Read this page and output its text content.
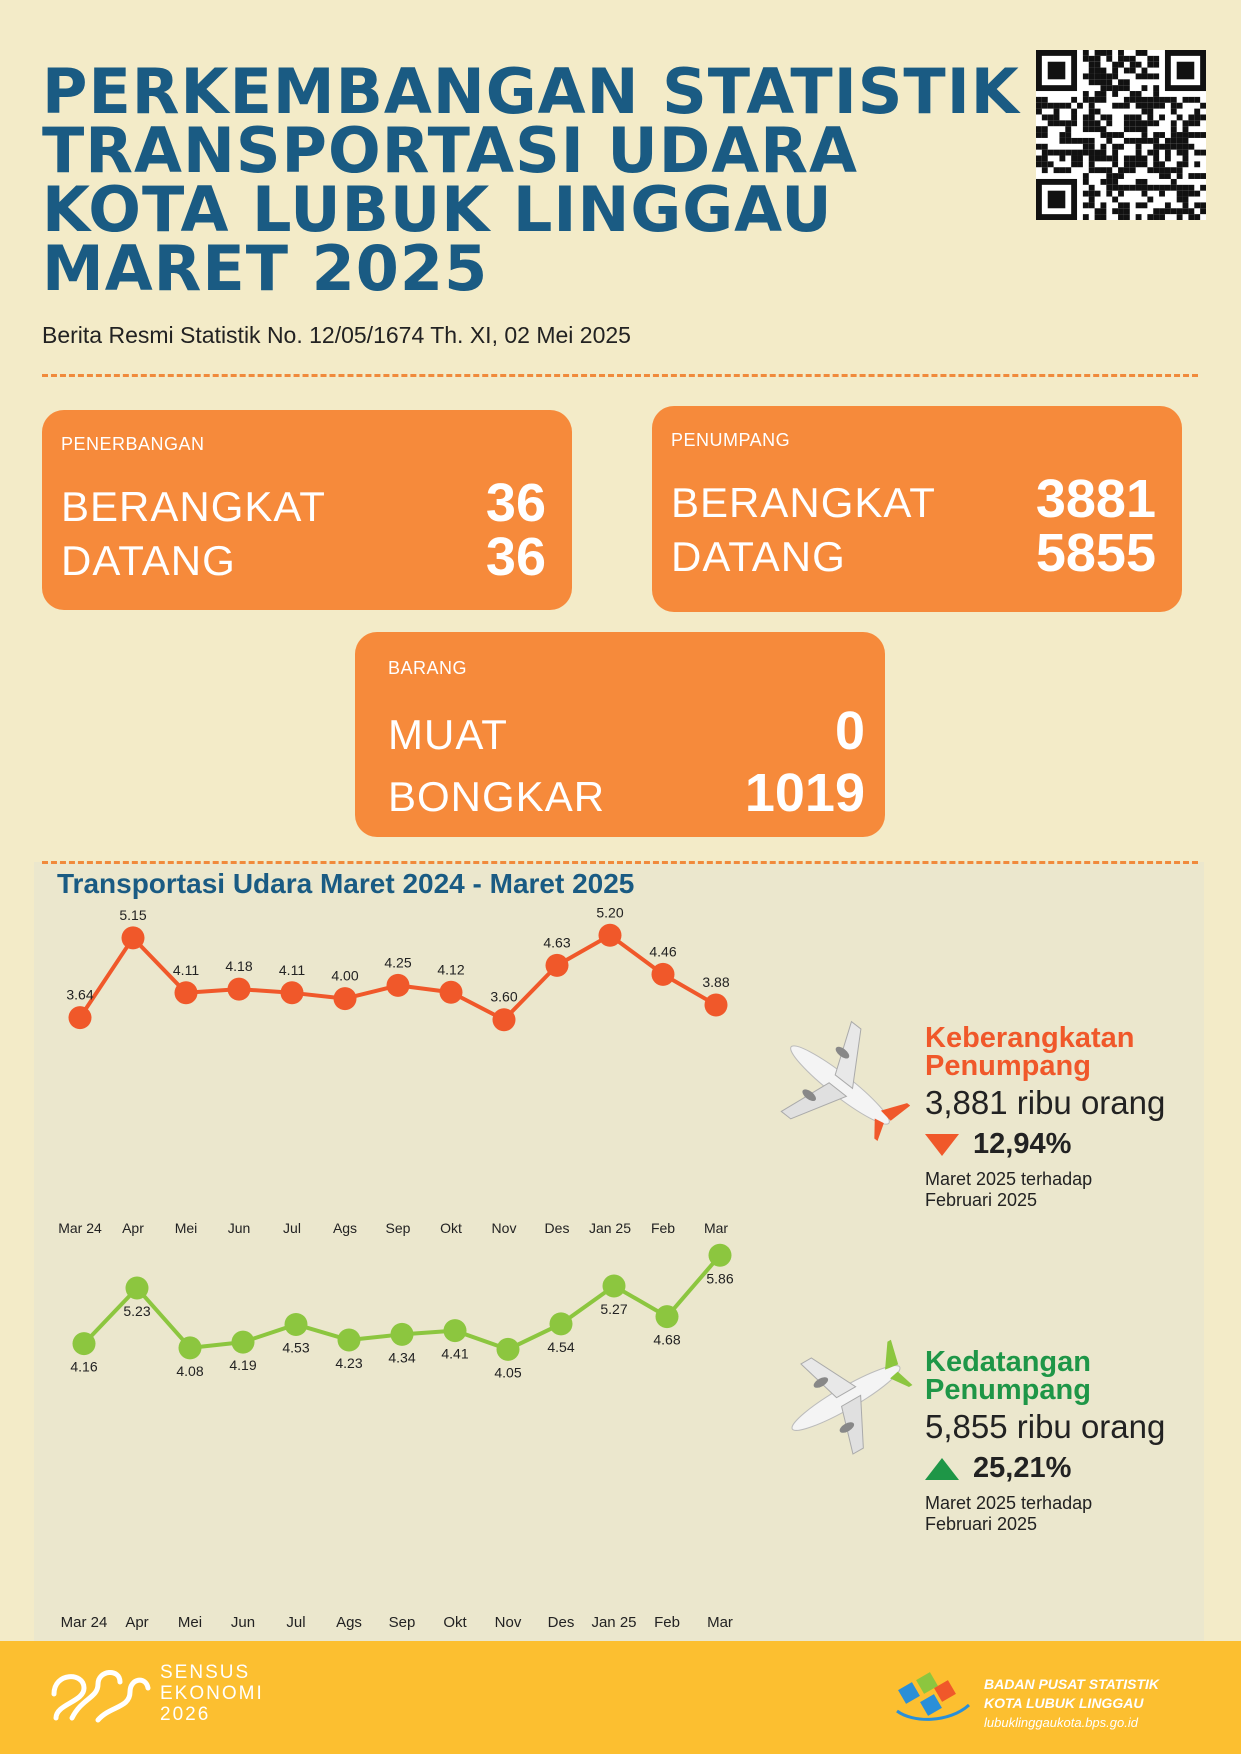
PERKEMBANGAN STATISTIK
TRANSPORTASI UDARA
KOTA LUBUK LINGGAU
MARET 2025
Berita Resmi Statistik No. 12/05/1674 Th. XI, 02 Mei 2025
PENERBANGAN
BERANGKAT	36
DATANG	36
PENUMPANG
BERANGKAT 3881
DATANG	5855
BARANG
MUAT	0
BONGKAR	1019
Transportasi Udara Maret 2024 - Maret 2025
3.64
5.15
4.11 4.18 4.11 4.00
4.25 4.12
3.60
4.63
5.20
4.46
3.88
Mar 24 Apr Mei Jun Jul Ags Sep Okt Nov Des Jan 25 Feb Mar
4.16
5.23
4.08 4.19
4.53
4.23 4.34 4.41
4.05
4.54
5.27
4.68
5.86
Mar 24 Apr Mei Jun Jul Ags Sep Okt Nov Des Jan 25 Feb Mar
Keberangkatan
Penumpang
3,881 ribu orang
12,94%
Maret 2025 terhadap
Februari 2025
Kedatangan
Penumpang
5,855 ribu orang
25,21%
Maret 2025 terhadap
Februari 2025
SENSUS
EKONOMI
2026
BADAN PUSAT STATISTIK
KOTA LUBUK LINGGAU
lubuklinggaukota.bps.go.id
